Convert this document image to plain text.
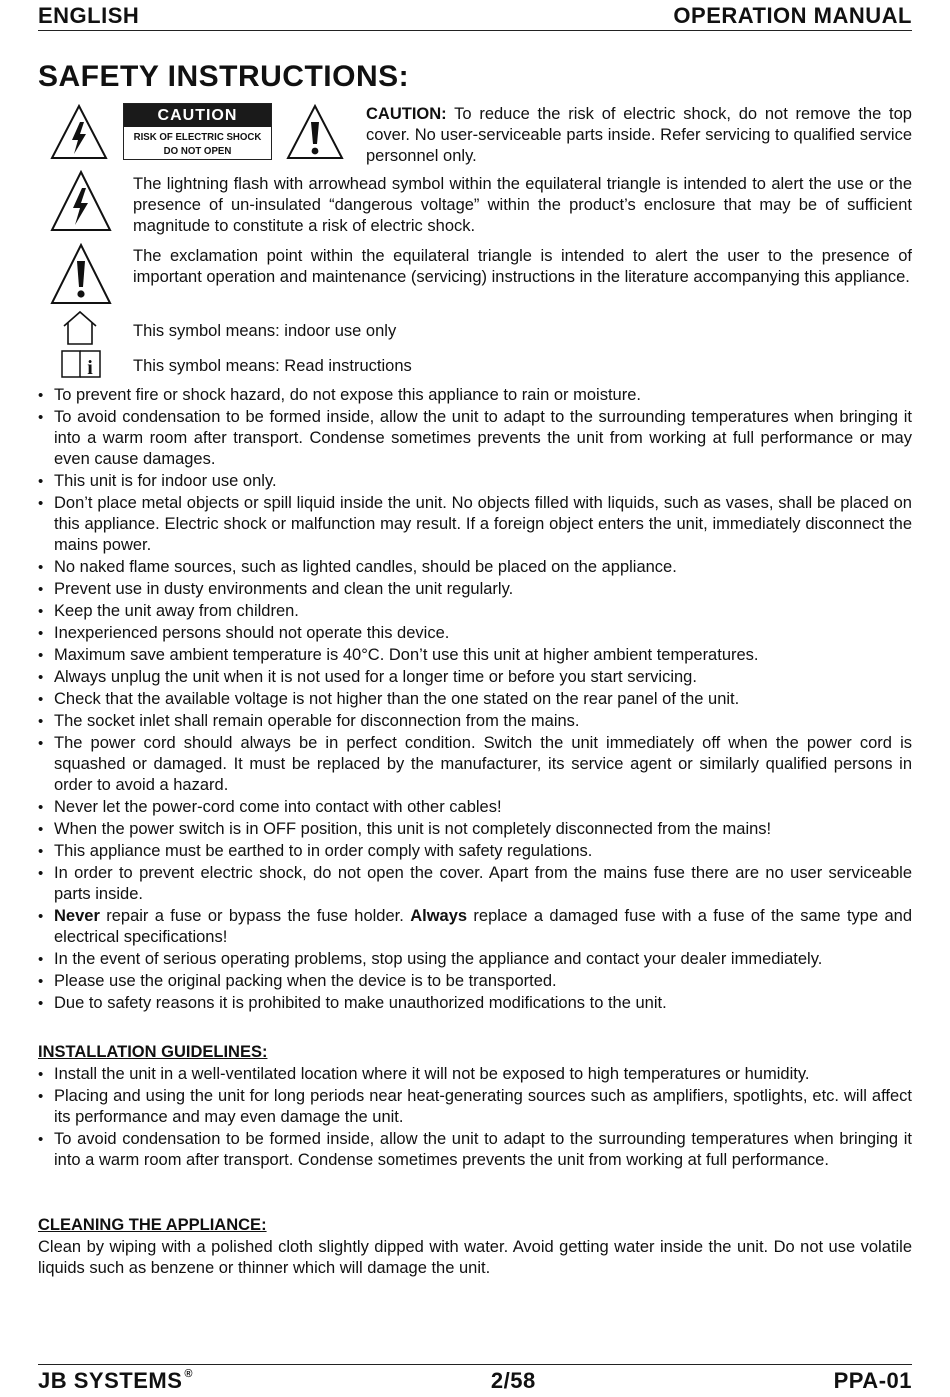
ENGLISH	OPERATION MANUAL
SAFETY INSTRUCTIONS:
CAUTION
RISK OF ELECTRIC SHOCK
DO NOT OPEN
CAUTION: To reduce the risk of electric shock, do not remove the top cover. No user-serviceable parts inside. Refer servicing to qualified service personnel only.
The lightning flash with arrowhead symbol within the equilateral triangle is intended to alert the use or the presence of un-insulated “dangerous voltage” within the product’s enclosure that may be of sufficient magnitude to constitute a risk of electric shock.
The exclamation point within the equilateral triangle is intended to alert the user to the presence of important operation and maintenance (servicing) instructions in the literature accompanying this appliance.
This symbol means: indoor use only
i This symbol means: Read instructions
• To prevent fire or shock hazard, do not expose this appliance to rain or moisture.
• To avoid condensation to be formed inside, allow the unit to adapt to the surrounding temperatures when bringing it into a warm room after transport. Condense sometimes prevents the unit from working at full performance or may even cause damages.
• This unit is for indoor use only.
• Don’t place metal objects or spill liquid inside the unit. No objects filled with liquids, such as vases, shall be placed on this appliance. Electric shock or malfunction may result. If a foreign object enters the unit, immediately disconnect the mains power.
• No naked flame sources, such as lighted candles, should be placed on the appliance.
• Prevent use in dusty environments and clean the unit regularly.
• Keep the unit away from children.
• Inexperienced persons should not operate this device.
• Maximum save ambient temperature is 40°C. Don’t use this unit at higher ambient temperatures.
• Always unplug the unit when it is not used for a longer time or before you start servicing.
• Check that the available voltage is not higher than the one stated on the rear panel of the unit.
• The socket inlet shall remain operable for disconnection from the mains.
• The power cord should always be in perfect condition. Switch the unit immediately off when the power cord is squashed or damaged. It must be replaced by the manufacturer, its service agent or similarly qualified persons in order to avoid a hazard.
• Never let the power-cord come into contact with other cables!
• When the power switch is in OFF position, this unit is not completely disconnected from the mains!
• This appliance must be earthed to in order comply with safety regulations.
• In order to prevent electric shock, do not open the cover. Apart from the mains fuse there are no user serviceable parts inside.
• Never repair a fuse or bypass the fuse holder. Always replace a damaged fuse with a fuse of the same type and electrical specifications!
• In the event of serious operating problems, stop using the appliance and contact your dealer immediately.
• Please use the original packing when the device is to be transported.
• Due to safety reasons it is prohibited to make unauthorized modifications to the unit.
INSTALLATION GUIDELINES:
• Install the unit in a well-ventilated location where it will not be exposed to high temperatures or humidity.
• Placing and using the unit for long periods near heat-generating sources such as amplifiers, spotlights, etc. will affect its performance and may even damage the unit.
• To avoid condensation to be formed inside, allow the unit to adapt to the surrounding temperatures when bringing it into a warm room after transport. Condense sometimes prevents the unit from working at full performance.
CLEANING THE APPLIANCE:
Clean by wiping with a polished cloth slightly dipped with water. Avoid getting water inside the unit. Do not use volatile liquids such as benzene or thinner which will damage the unit.
JB SYSTEMS ®	2/58	PPA-01
